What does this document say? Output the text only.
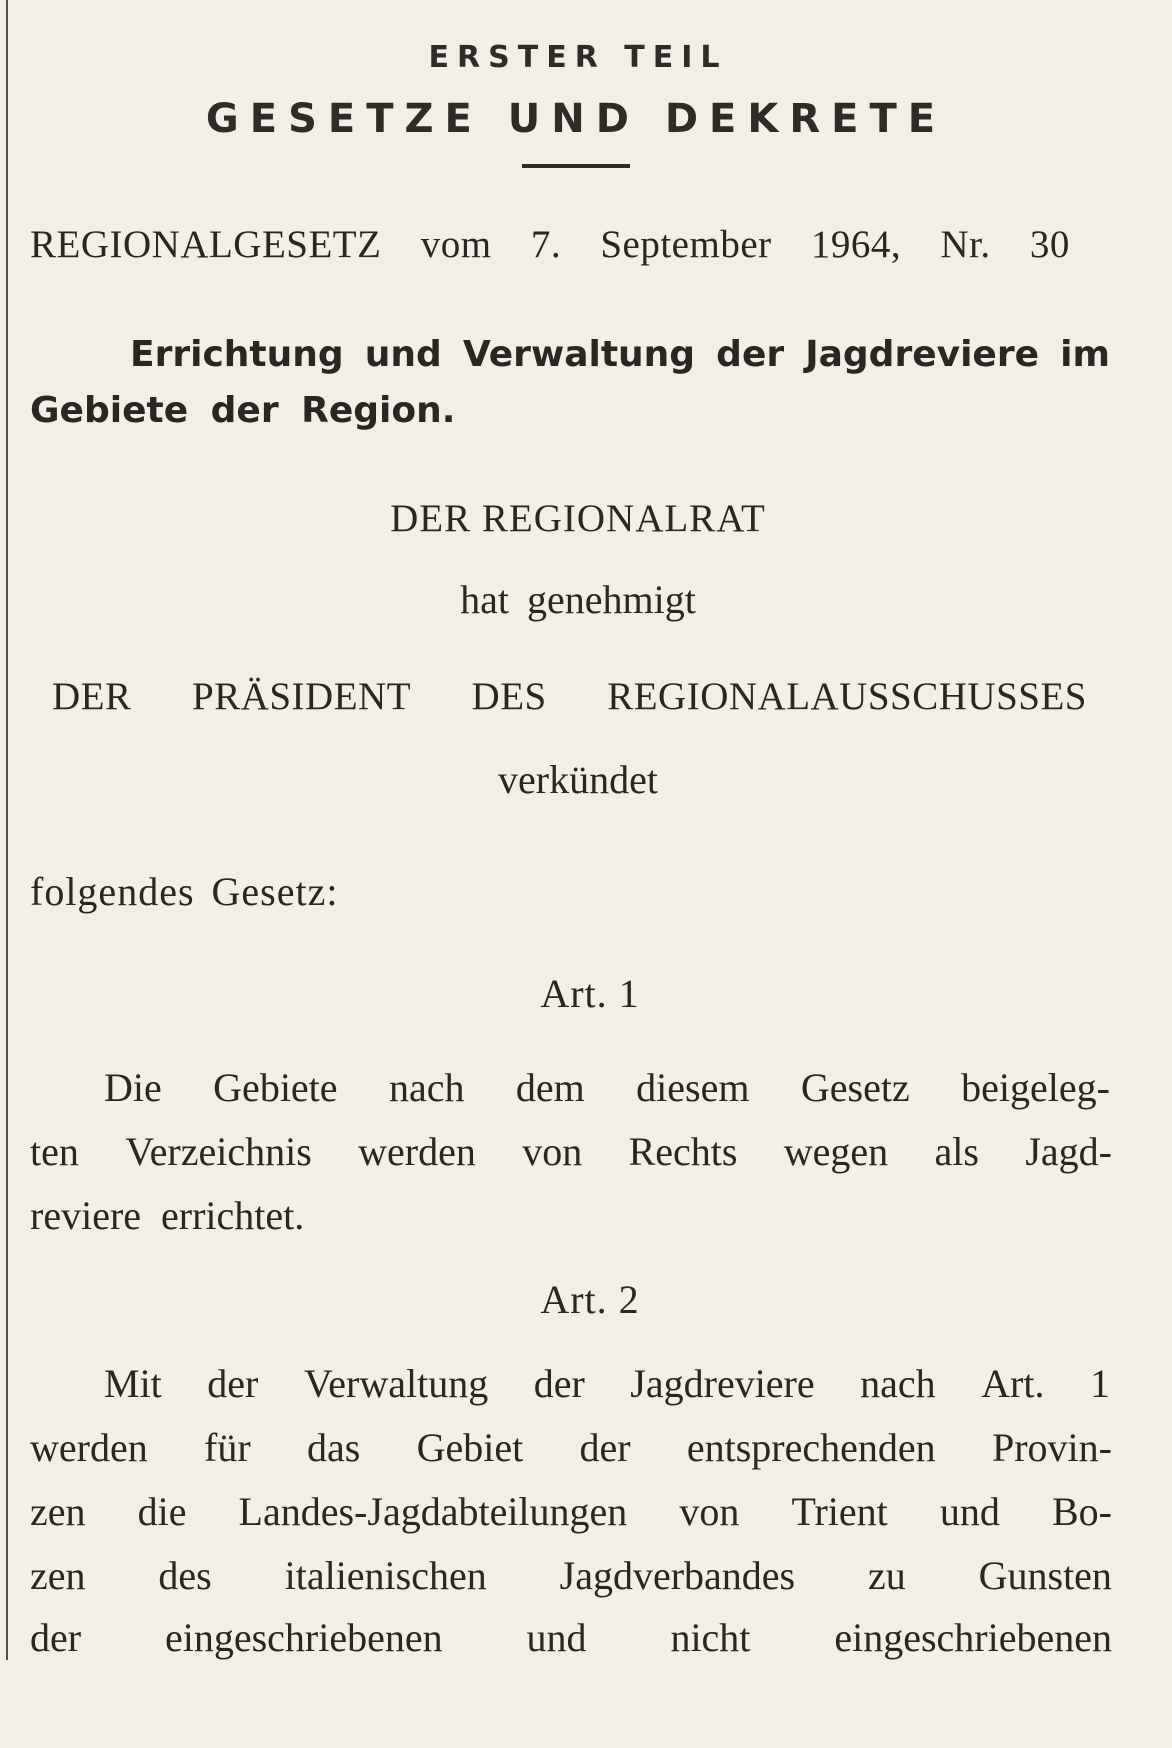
ERSTER TEIL
GESETZE UND DEKRETE
REGIONALGESETZ vom 7. September 1964, Nr. 30
Errichtung und Verwaltung der Jagdreviere im
Gebiete der Region.
DER REGIONALRAT
hat genehmigt
DER PRÄSIDENT DES REGIONALAUSSCHUSSES
verkündet
folgendes Gesetz:
Art. 1
Die Gebiete nach dem diesem Gesetz beigeleg-
ten Verzeichnis werden von Rechts wegen als Jagd-
reviere errichtet.
Art. 2
Mit der Verwaltung der Jagdreviere nach Art. 1
werden für das Gebiet der entsprechenden Provin-
zen die Landes-Jagdabteilungen von Trient und Bo-
zen des italienischen Jagdverbandes zu Gunsten
der eingeschriebenen und nicht eingeschriebenen
